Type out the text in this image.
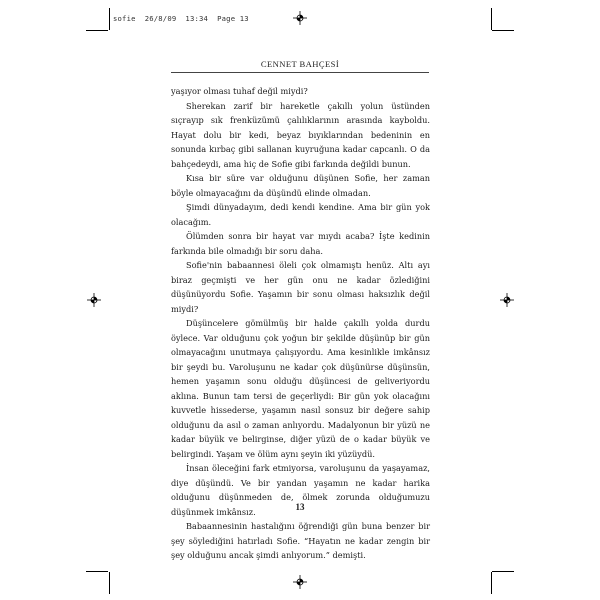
sofie  26/8/09  13:34  Page 13
CENNET BAHÇESİ

yaşıyor olması tuhaf değil miydi?

Sherekan zarif bir hareketle çakıllı yolun üstünden sıçrayıp sık frenküzümü çalılıklarının arasında kayboldu. Hayat dolu bir kedi, beyaz bıyıklarından bedeninin en sonunda kırbaç gibi sallanan kuyruğuna kadar capcanlı. O da bahçedeydi, ama hiç de Sofie gibi farkında değildi bunun.

Kısa bir süre var olduğunu düşünen Sofie, her zaman böyle olmayacağını da düşündü elinde olmadan.

Şimdi dünyadayım, dedi kendi kendine. Ama bir gün yok olacağım.

Ölümden sonra bir hayat var mıydı acaba? İşte kedinin farkında bile olmadığı bir soru daha.

Sofie'nin babaannesi öleli çok olmamıştı henüz. Altı ayı biraz geçmişti ve her gün onu ne kadar özlediğini düşünüyordu Sofie. Yaşamın bir sonu olması haksızlık değil miydi?

Düşüncelere gömülmüş bir halde çakıllı yolda durdu öylece. Var olduğunu çok yoğun bir şekilde düşünüp bir gün olmayacağını unutmaya çalışıyordu. Ama kesinlikle imkânsız bir şeydi bu. Varoluşunu ne kadar çok düşünürse düşünsün, hemen yaşamın sonu olduğu düşüncesi de geliveriyordu aklına. Bunun tam tersi de geçerliydi: Bir gün yok olacağını kuvvetle hissederse, yaşamın nasıl sonsuz bir değere sahip olduğunu da asıl o zaman anlıyordu. Madalyonun bir yüzü ne kadar büyük ve belirginse, diğer yüzü de o kadar büyük ve belirgindi. Yaşam ve ölüm aynı şeyin iki yüzüydü.

İnsan öleceğini fark etmiyorsa, varoluşunu da yaşayamaz, diye düşündü. Ve bir yandan yaşamın ne kadar harika olduğunu düşünmeden de, ölmek zorunda olduğumuzu düşünmek imkânsız.

Babaannesinin hastalığını öğrendiği gün buna benzer bir şey söylediğini hatırladı Sofie. “Hayatın ne kadar zengin bir şey olduğunu ancak şimdi anlıyorum.” demişti.

13
